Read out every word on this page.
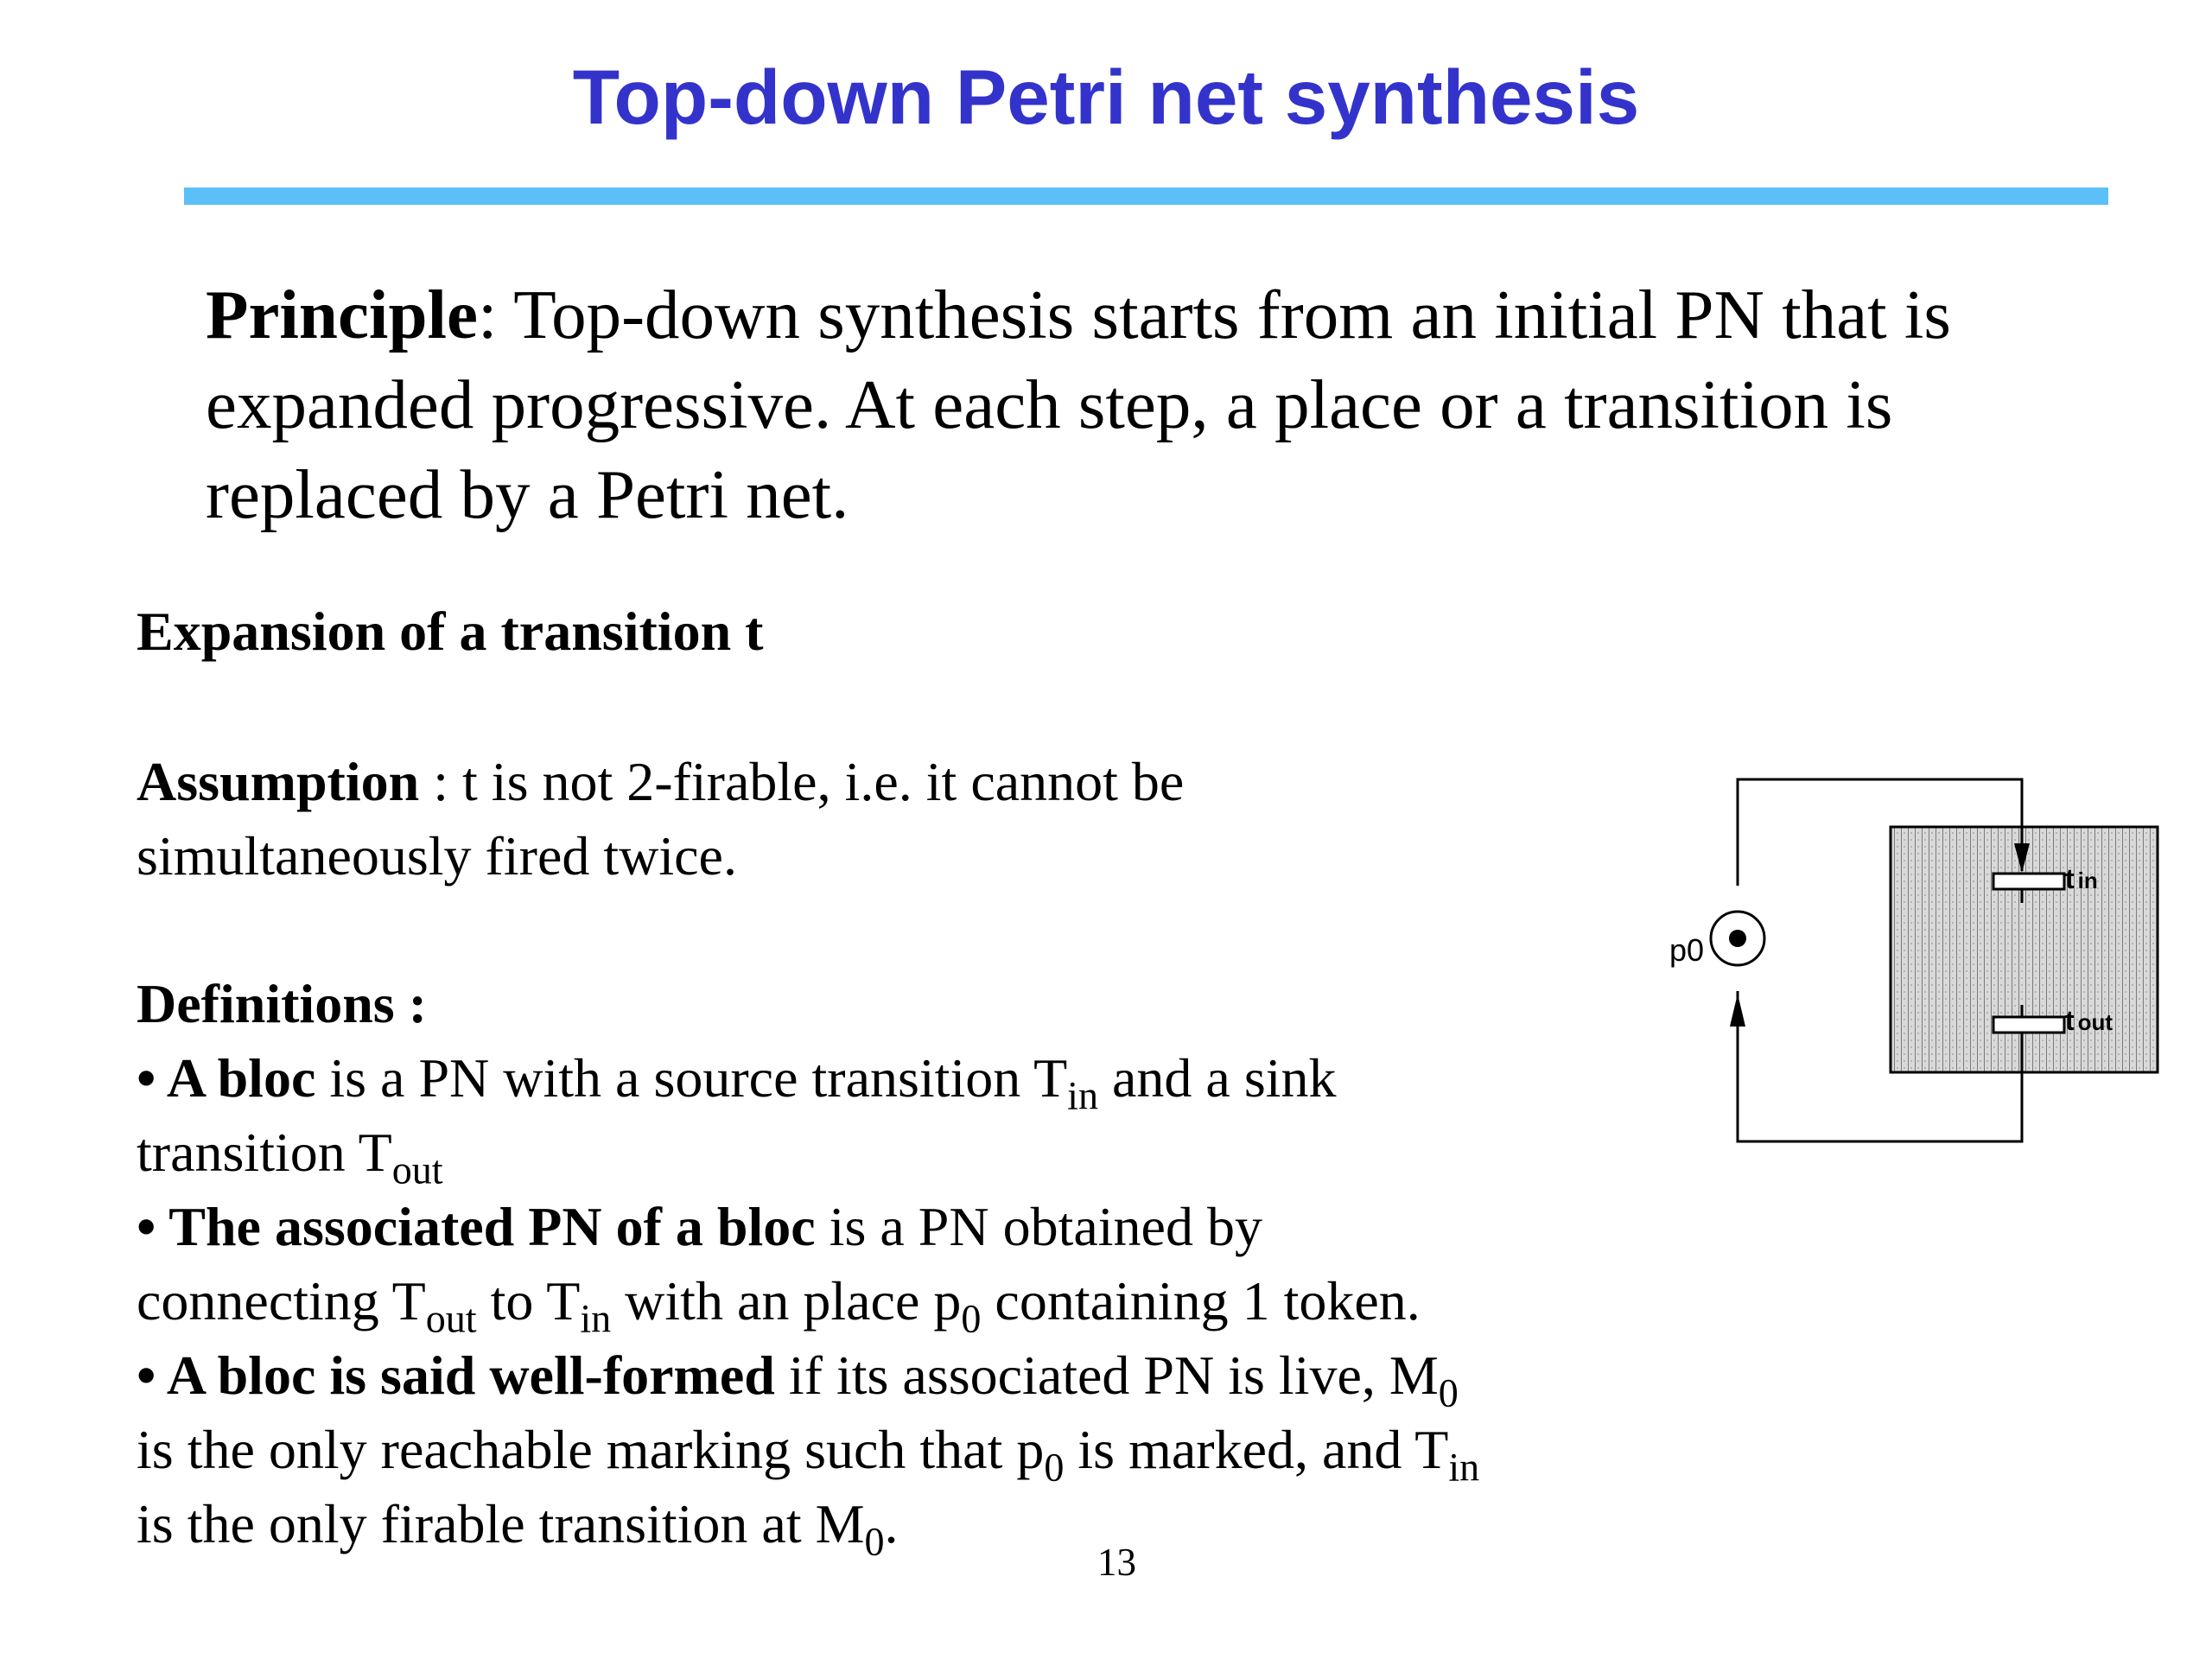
Top-down Petri net synthesis
Principle: Top-down synthesis starts from an initial PN that is
expanded progressive. At each step, a place or a transition is
replaced by a Petri net.
Expansion of a transition t
Assumption : t is not 2-firable, i.e. it cannot be
simultaneously fired twice.
Definitions :
• A bloc is a PN with a source transition $T_{in}$ and a sink
transition $T_{out}$
• The associated PN of a bloc is a PN obtained by
connecting $T_{out}$ to $T_{in}$ with an place $p_0$ containing 1 token.
• A bloc is said well-formed if its associated PN is live, $M_0$
is the only reachable marking such that $p_0$ is marked, and $T_{in}$
is the only firable transition at $M_0$.
p0
t in
t out
13
